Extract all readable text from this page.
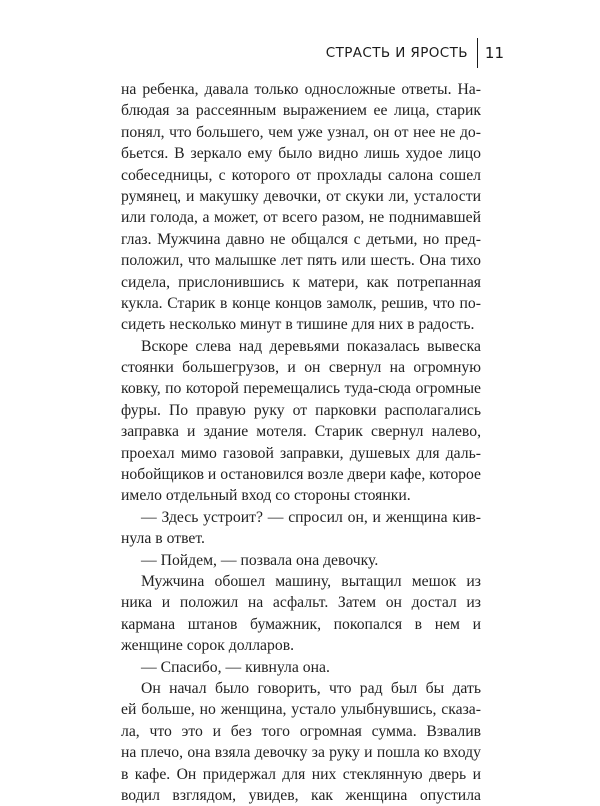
СТРАСТЬ И ЯРОСТЬ	11
на ребенка, давала только односложные ответы. На-
блюдая за рассеянным выражением ее лица, старик
понял, что большего, чем уже узнал, он от нее не до-
бьется. В зеркало ему было видно лишь худое лицо
собеседницы, с которого от прохлады салона сошел
румянец, и макушку девочки, от скуки ли, усталости
или голода, а может, от всего разом, не поднимавшей
глаз. Мужчина давно не общался с детьми, но пред-
положил, что малышке лет пять или шесть. Она тихо
сидела, прислонившись к матери, как потрепанная
кукла. Старик в конце концов замолк, решив, что по-
сидеть несколько минут в тишине для них в радость.
Вскоре слева над деревьями показалась вывеска
стоянки большегрузов, и он свернул на огромную
ковку, по которой перемещались туда-сюда огромные
фуры. По правую руку от парковки располагались
заправка и здание мотеля. Старик свернул налево,
проехал мимо газовой заправки, душевых для даль-
нобойщиков и остановился возле двери кафе, которое
имело отдельный вход со стороны стоянки.
— Здесь устроит? — спросил он, и женщина кив-
нула в ответ.
— Пойдем, — позвала она девочку.
Мужчина обошел машину, вытащил мешок из
ника и положил на асфальт. Затем он достал из
кармана штанов бумажник, покопался в нем и
женщине сорок долларов.
— Спасибо, — кивнула она.
Он начал было говорить, что рад был бы дать
ей больше, но женщина, устало улыбнувшись, сказа-
ла, что это и без того огромная сумма. Взвалив
на плечо, она взяла девочку за руку и пошла ко входу
в кафе. Он придержал для них стеклянную дверь и
водил взглядом, увидев, как женщина опустила
